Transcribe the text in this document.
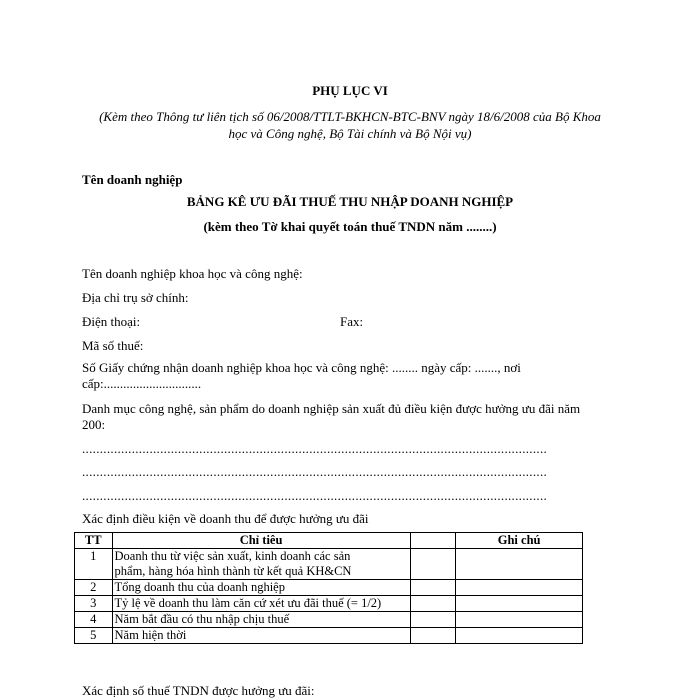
PHỤ LỤC VI
(Kèm theo Thông tư liên tịch số 06/2008/TTLT-BKHCN-BTC-BNV ngày 18/6/2008 của Bộ Khoa
học và Công nghệ, Bộ Tài chính và Bộ Nội vụ)
Tên doanh nghiệp
BẢNG KÊ ƯU ĐÃI THUẾ THU NHẬP DOANH NGHIỆP
(kèm theo Tờ khai quyết toán thuế TNDN năm ........)
Tên doanh nghiệp khoa học và công nghệ:
Địa chỉ trụ sở chính:
Điện thoại:	Fax:
Mã số thuế:
Số Giấy chứng nhận doanh nghiệp khoa học và công nghệ: ........ ngày cấp: ......., nơi
cấp:..............................
Danh mục công nghệ, sản phẩm do doanh nghiệp sản xuất đủ điều kiện được hưởng ưu đãi năm
200:
...................................................................................................................................
...................................................................................................................................
...................................................................................................................................
Xác định điều kiện về doanh thu để được hưởng ưu đãi
TT	Chỉ tiêu		Ghi chú
1	Doanh thu từ việc sản xuất, kinh doanh các sản
phẩm, hàng hóa hình thành từ kết quả KH&CN		

2	Tổng doanh thu của doanh nghiệp		
3	Tỷ lệ về doanh thu làm căn cứ xét ưu đãi thuế (= 1/2)		
4	Năm bắt đầu có thu nhập chịu thuế		
5	Năm hiện thời		
Xác định số thuế TNDN được hưởng ưu đãi:
